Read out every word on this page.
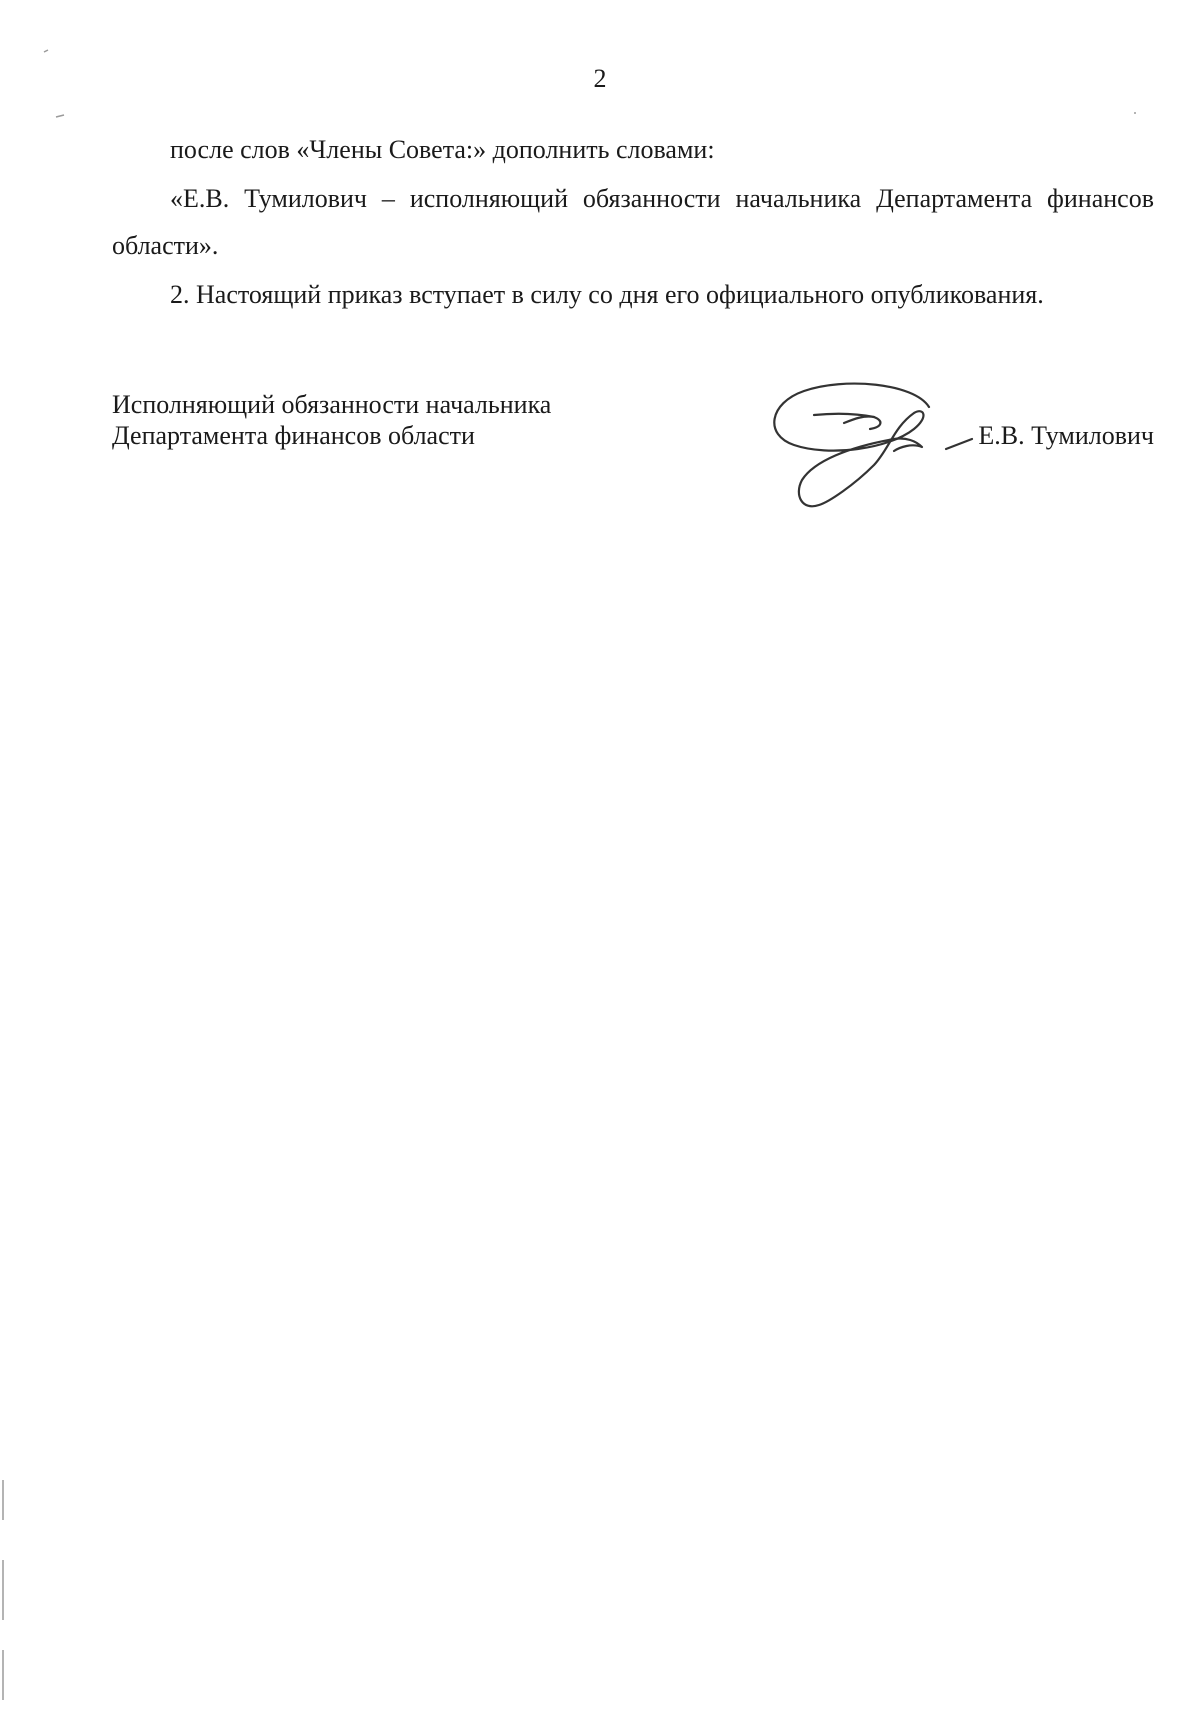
2

после слов «Члены Совета:» дополнить словами:

«Е.В. Тумилович – исполняющий обязанности начальника Департамента финансов области».

2. Настоящий приказ вступает в силу со дня его официального опубликования.

Исполняющий обязанности начальника
Департамента финансов области	Е.В. Тумилович
